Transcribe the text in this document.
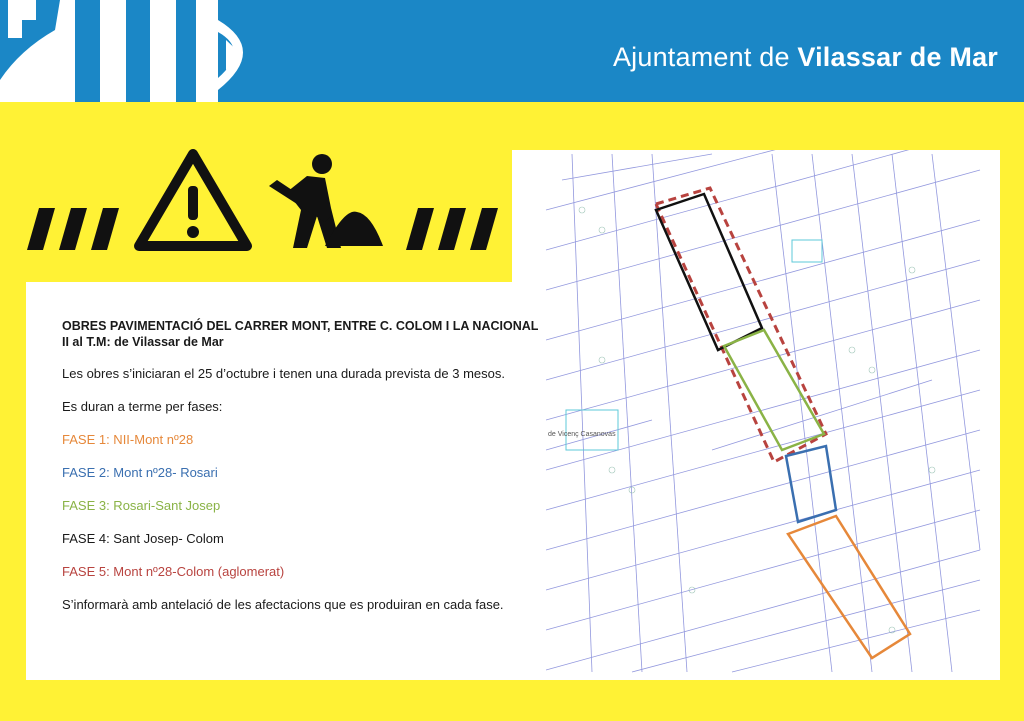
Ajuntament de Vilassar de Mar
de Vicenç Casanovas

OBRES PAVIMENTACIÓ DEL CARRER MONT, ENTRE C. COLOM I LA NACIONAL II al T.M: de Vilassar de Mar

Les obres s’iniciaran el 25 d’octubre i tenen una durada prevista de 3 mesos.

Es duran a terme per fases:

FASE 1: NII-Mont nº28

FASE 2: Mont nº28- Rosari

FASE 3: Rosari-Sant Josep

FASE 4: Sant Josep- Colom

FASE 5: Mont nº28-Colom (aglomerat)

S’informarà amb antelació de les afectacions que es produiran en cada fase.
